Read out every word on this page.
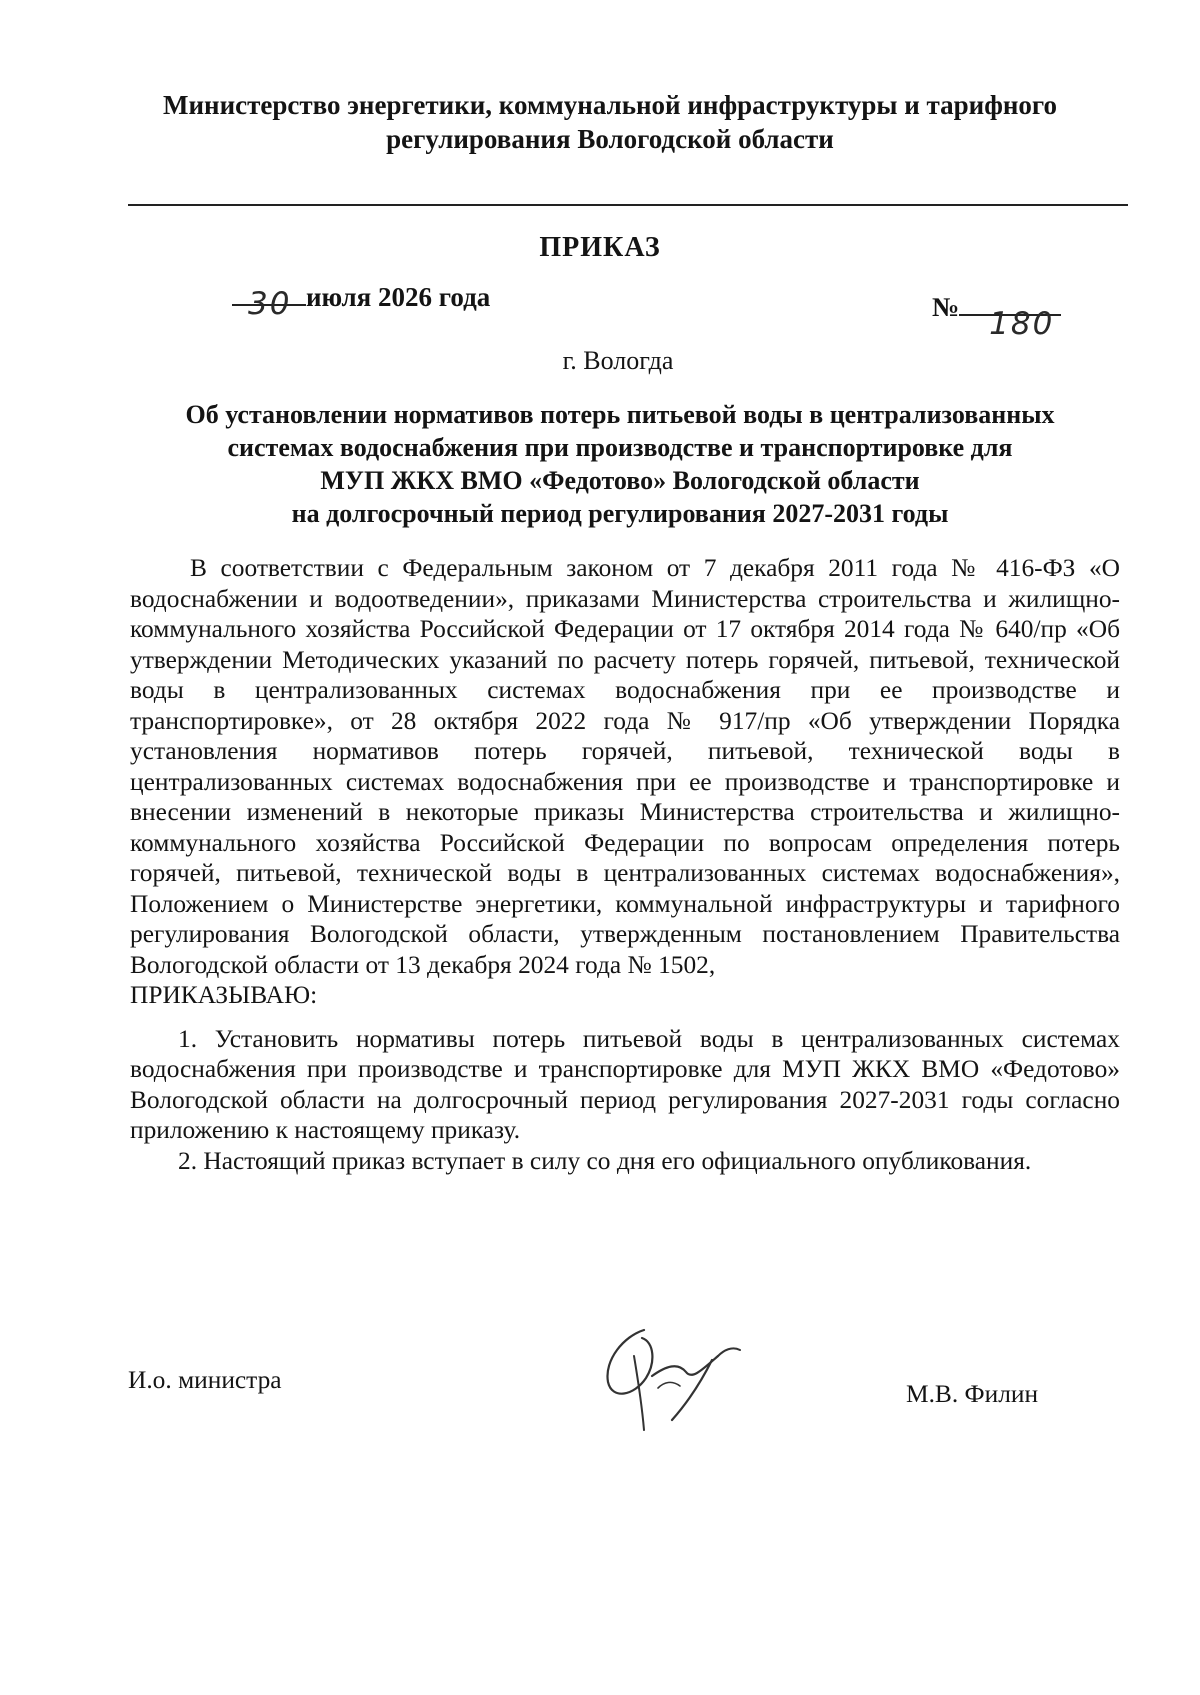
Министерство энергетики, коммунальной инфраструктуры и тарифного
регулирования Вологодской области
ПРИКАЗ
30 июля 2026 года	№ 180
г. Вологда
Об установлении нормативов потерь питьевой воды в централизованных
системах водоснабжения при производстве и транспортировке для
МУП ЖКХ ВМО «Федотово» Вологодской области
на долгосрочный период регулирования 2027-2031 годы

В соответствии с Федеральным законом от 7 декабря 2011 года № 416-ФЗ «О водоснабжении и водоотведении», приказами Министерства строительства и жилищно-коммунального хозяйства Российской Федерации от 17 октября 2014 года № 640/пр «Об утверждении Методических указаний по расчету потерь горячей, питьевой, технической воды в централизованных системах водоснабжения при ее производстве и транспортировке», от 28 октября 2022 года № 917/пр «Об утверждении Порядка установления нормативов потерь горячей, питьевой, технической воды в централизованных системах водоснабжения при ее производстве и транспортировке и внесении изменений в некоторые приказы Министерства строительства и жилищно-коммунального хозяйства Российской Федерации по вопросам определения потерь горячей, питьевой, технической воды в централизованных системах водоснабжения», Положением о Министерстве энергетики, коммунальной инфраструктуры и тарифного регулирования Вологодской области, утвержденным постановлением Правительства Вологодской области от 13 декабря 2024 года № 1502,

ПРИКАЗЫВАЮ:

1. Установить нормативы потерь питьевой воды в централизованных системах водоснабжения при производстве и транспортировке для МУП ЖКХ ВМО «Федотово» Вологодской области на долгосрочный период регулирования 2027-2031 годы согласно приложению к настоящему приказу.

2. Настоящий приказ вступает в силу со дня его официального опубликования.

И.о. министра	М.В. Филин
